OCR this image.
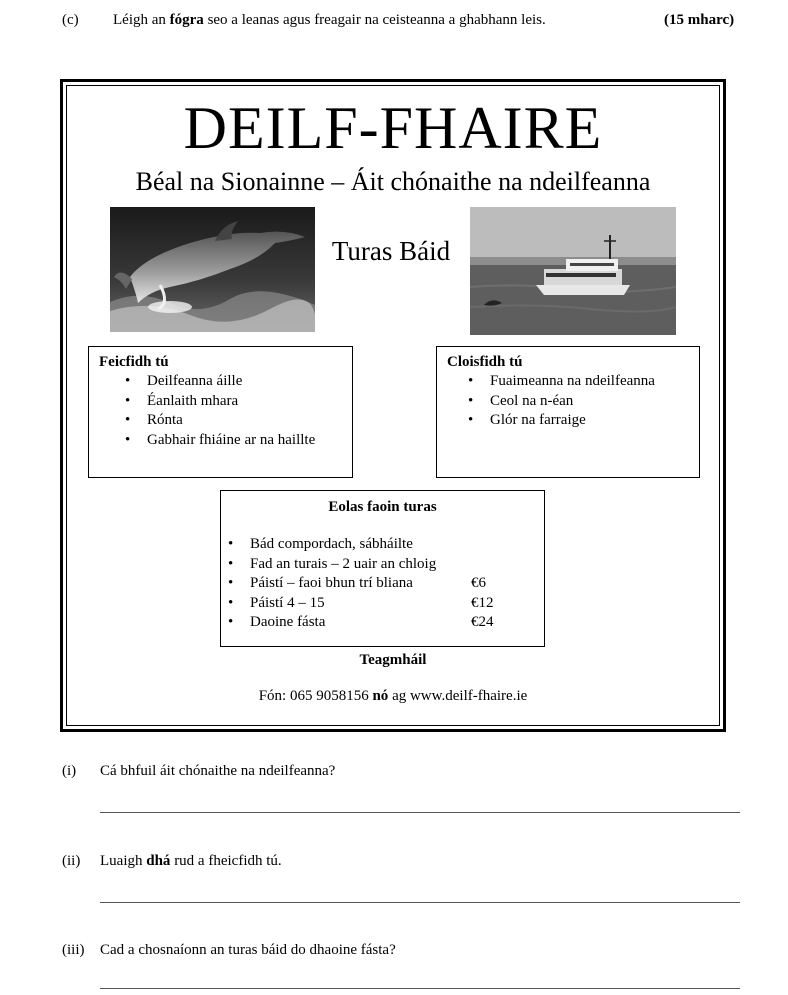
(c) Léigh an fógra seo a leanas agus freagair na ceisteanna a ghabhann leis.	(15 mharc)
DEILF-FHAIRE
Béal na Sionainne – Áit chónaithe na ndeilfeanna
Turas Báid
Feicfidh tú
• Deilfeanna áille
• Éanlaith mhara
• Rónta
• Gabhair fhiáine ar na haillte
Cloisfidh tú
• Fuaimeanna na ndeilfeanna
• Ceol na n-éan
• Glór na farraige
Eolas faoin turas
• Bád compordach, sábháilte
• Fad an turais – 2 uair an chloig
• Páistí – faoi bhun trí bliana	€6
• Páistí 4 – 15	€12
• Daoine fásta	€24
Teagmháil
Fón: 065 9058156 nó ag www.deilf-fhaire.ie
(i) Cá bhfuil áit chónaithe na ndeilfeanna?
(ii) Luaigh dhá rud a fheicfidh tú.
(iii) Cad a chosnaíonn an turas báid do dhaoine fásta?
